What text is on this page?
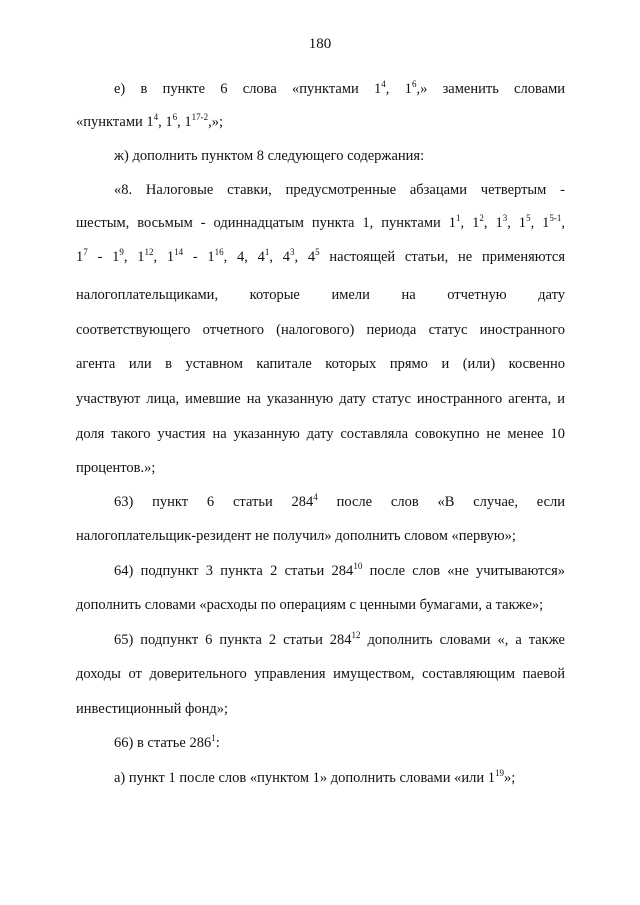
180
е) в пункте 6 слова «пунктами $1^4$, $1^6$,» заменить словами
«пунктами $1^4$, $1^6$, 1$^{17-2}$,»;
ж) дополнить пунктом 8 следующего содержания:
«8. Налоговые ставки, предусмотренные абзацами четвертым -
шестым, восьмым - одиннадцатым пункта 1, пунктами $1^1$, $1^2$, $1^3$, $1^5$, 1$^{5-1}$,
$1^7 - 1^9$, $1^{12}$, $1^{14} - 1^{16}$, 4, $4^1$, $4^3$, $4^5$ настоящей статьи, не применяются
налогоплательщиками, которые имели на отчетную дату
соответствующего отчетного (налогового) периода статус иностранного
агента или в уставном капитале которых прямо и (или) косвенно
участвуют лица, имевшие на указанную дату статус иностранного агента, и
доля такого участия на указанную дату составляла совокупно не менее 10
процентов.»;
63) пункт 6 статьи $284^4$ после слов «В случае, если
налогоплательщик-резидент не получил» дополнить словом «первую»;
64) подпункт 3 пункта 2 статьи $284^{10}$ после слов «не учитываются»
дополнить словами «расходы по операциям с ценными бумагами, а также»;
65) подпункт 6 пункта 2 статьи $284^{12}$ дополнить словами «, а также
доходы от доверительного управления имуществом, составляющим паевой
инвестиционный фонд»;
66) в статье $286^1$:
а) пункт 1 после слов «пунктом 1» дополнить словами «или $1^{19}$»;
